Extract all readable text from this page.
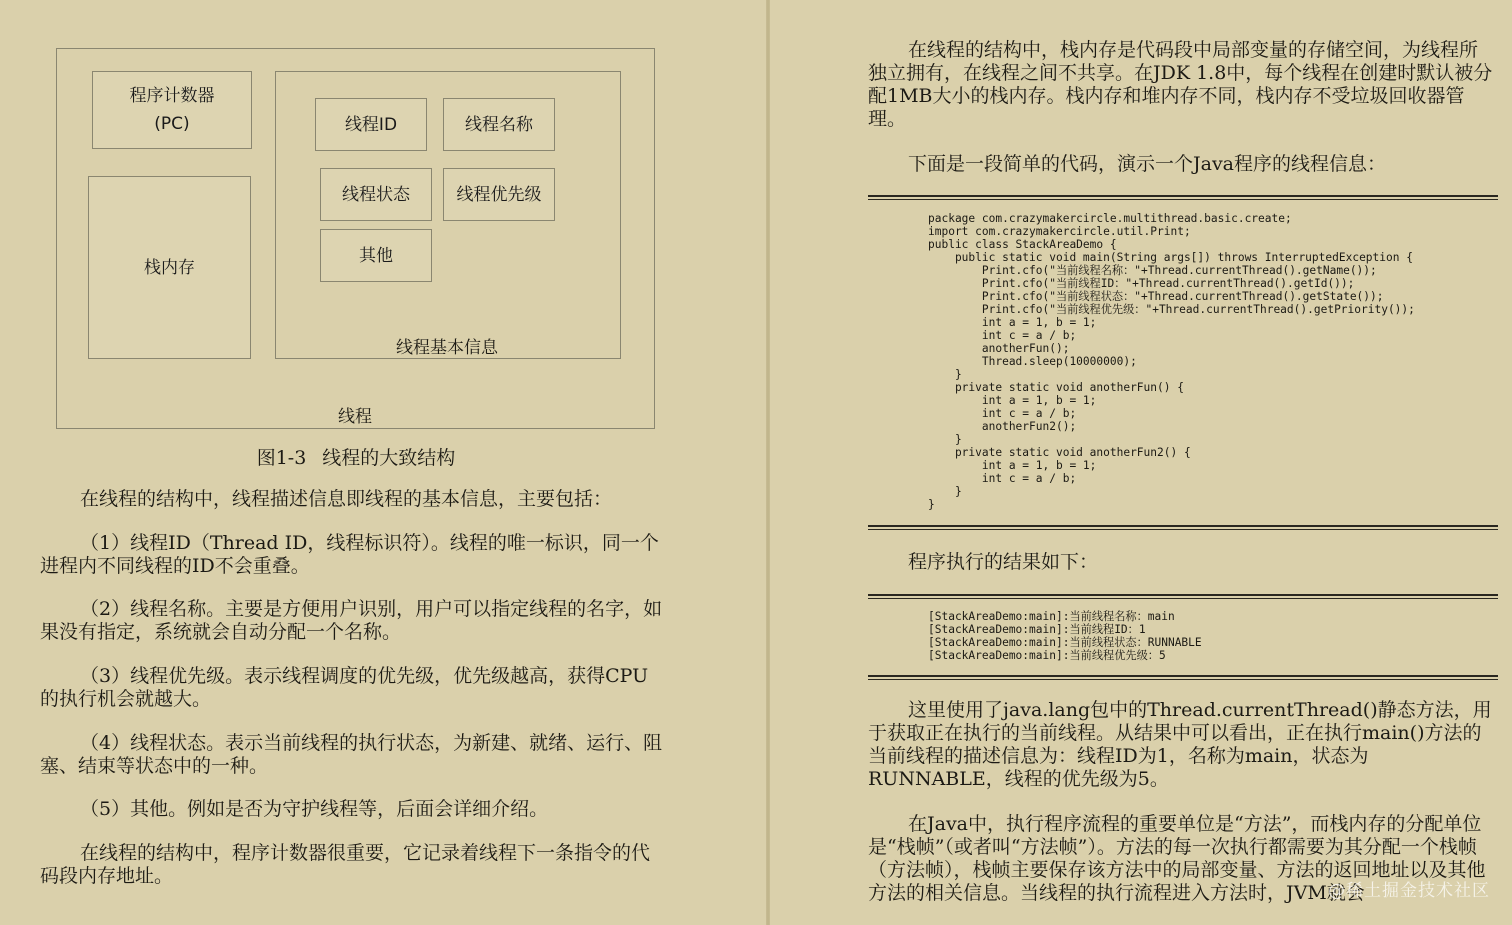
线程
程序计数器
(PC)
栈内存
线程基本信息
线程ID	线程名称
线程状态	线程优先级
其他
图1-3 线程的大致结构

在线程的结构中，线程描述信息即线程的基本信息，主要包括：

（1）线程ID（Thread ID，线程标识符）。线程的唯一标识，同一个进程内不同线程的ID不会重叠。

（2）线程名称。主要是方便用户识别，用户可以指定线程的名字，如果没有指定，系统就会自动分配一个名称。

（3）线程优先级。表示线程调度的优先级，优先级越高，获得CPU的执行机会就越大。

（4）线程状态。表示当前线程的执行状态，为新建、就绪、运行、阻塞、结束等状态中的一种。

（5）其他。例如是否为守护线程等，后面会详细介绍。

在线程的结构中，程序计数器很重要，它记录着线程下一条指令的代码段内存地址。

在线程的结构中，栈内存是代码段中局部变量的存储空间，为线程所独立拥有，在线程之间不共享。在JDK 1.8中，每个线程在创建时默认被分配1MB大小的栈内存。栈内存和堆内存不同，栈内存不受垃圾回收器管理。

下面是一段简单的代码，演示一个Java程序的线程信息：

package com.crazymakercircle.multithread.basic.create;
import com.crazymakercircle.util.Print;
public class StackAreaDemo {
public static void main(String args[]) throws InterruptedException {
Print.cfo("当前线程名称："+Thread.currentThread().getName());
Print.cfo("当前线程ID："+Thread.currentThread().getId());
Print.cfo("当前线程状态："+Thread.currentThread().getState());
Print.cfo("当前线程优先级："+Thread.currentThread().getPriority());
int a = 1, b = 1;
int c = a / b;
anotherFun();
Thread.sleep(10000000);
}
private static void anotherFun() {
int a = 1, b = 1;
int c = a / b;
anotherFun2();
}
private static void anotherFun2() {
int a = 1, b = 1;
int c = a / b;
}
}

程序执行的结果如下：

[StackAreaDemo:main]:当前线程名称：main
[StackAreaDemo:main]:当前线程ID：1
[StackAreaDemo:main]:当前线程状态：RUNNABLE
[StackAreaDemo:main]:当前线程优先级：5

这里使用了java.lang包中的Thread.currentThread()静态方法，用于获取正在执行的当前线程。从结果中可以看出，正在执行main()方法的当前线程的描述信息为：线程ID为1，名称为main，状态为RUNNABLE，线程的优先级为5。

在Java中，执行程序流程的重要单位是“方法”，而栈内存的分配单位是“栈帧”（或者叫“方法帧”）。方法的每一次执行都需要为其分配一个栈帧（方法帧），栈帧主要保存该方法中的局部变量、方法的返回地址以及其他方法的相关信息。当线程的执行流程进入方法时，JVM就会

@稀土掘金技术社区
